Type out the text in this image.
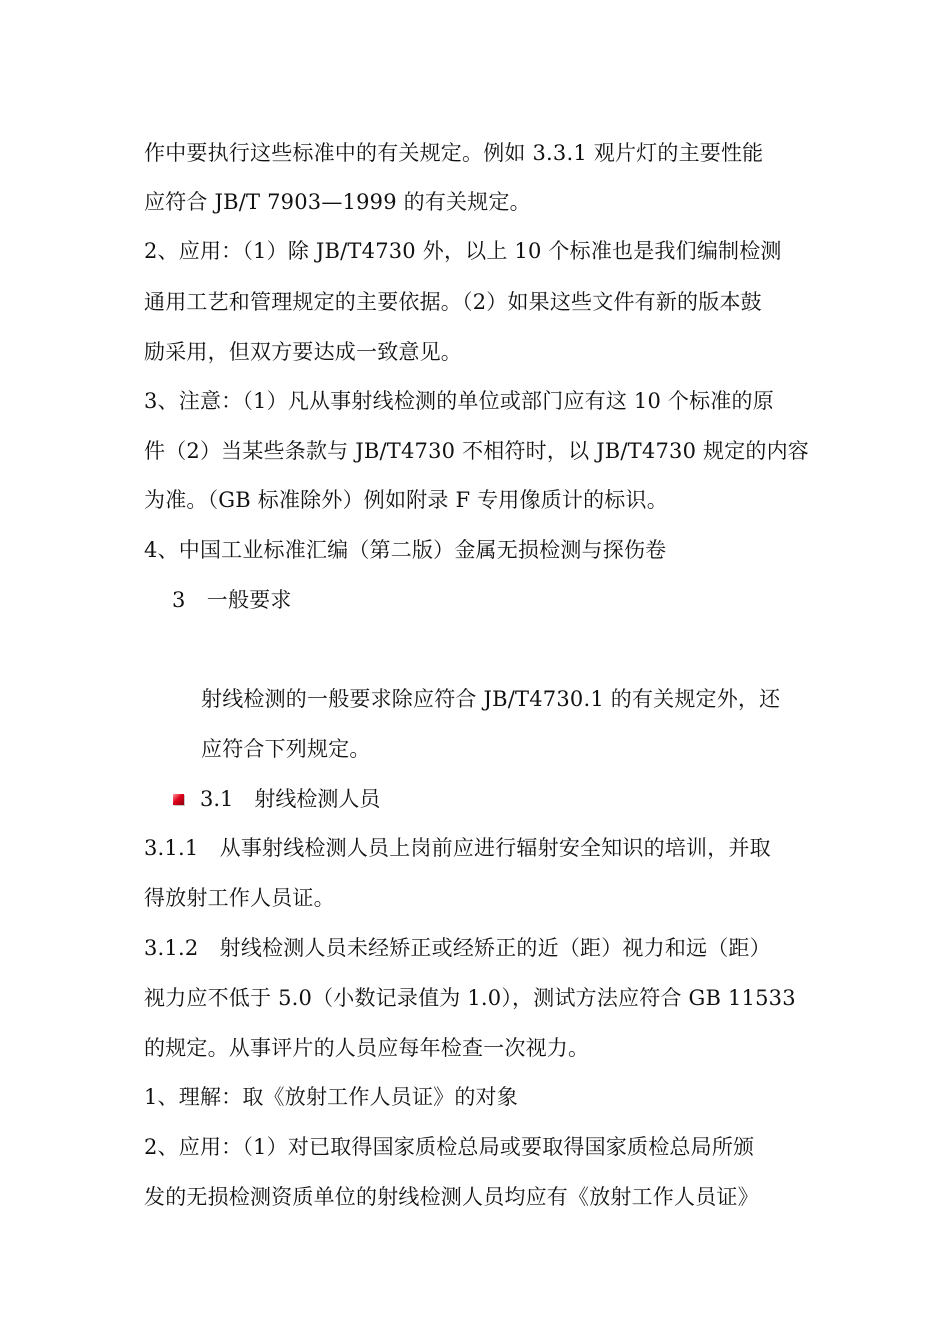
作中要执行这些标准中的有关规定。例如 3.3.1 观片灯的主要性能
应符合 JB/T 7903—1999 的有关规定。
2、应用：（1）除 JB/T4730 外，以上 10 个标准也是我们编制检测
通用工艺和管理规定的主要依据。（2）如果这些文件有新的版本鼓
励采用，但双方要达成一致意见。
3、注意：（1）凡从事射线检测的单位或部门应有这 10 个标准的原
件（2）当某些条款与 JB/T4730 不相符时，以 JB/T4730 规定的内容
为准。（GB 标准除外）例如附录 F 专用像质计的标识。
4、中国工业标准汇编（第二版）金属无损检测与探伤卷
3　一般要求
射线检测的一般要求除应符合 JB/T4730.1 的有关规定外，还
应符合下列规定。
3.1　射线检测人员
3.1.1　从事射线检测人员上岗前应进行辐射安全知识的培训，并取
得放射工作人员证。
3.1.2　射线检测人员未经矫正或经矫正的近（距）视力和远（距）
视力应不低于 5.0（小数记录值为 1.0），测试方法应符合 GB 11533
的规定。从事评片的人员应每年检查一次视力。
1、理解：取《放射工作人员证》的对象
2、应用：（1）对已取得国家质检总局或要取得国家质检总局所颁
发的无损检测资质单位的射线检测人员均应有《放射工作人员证》
